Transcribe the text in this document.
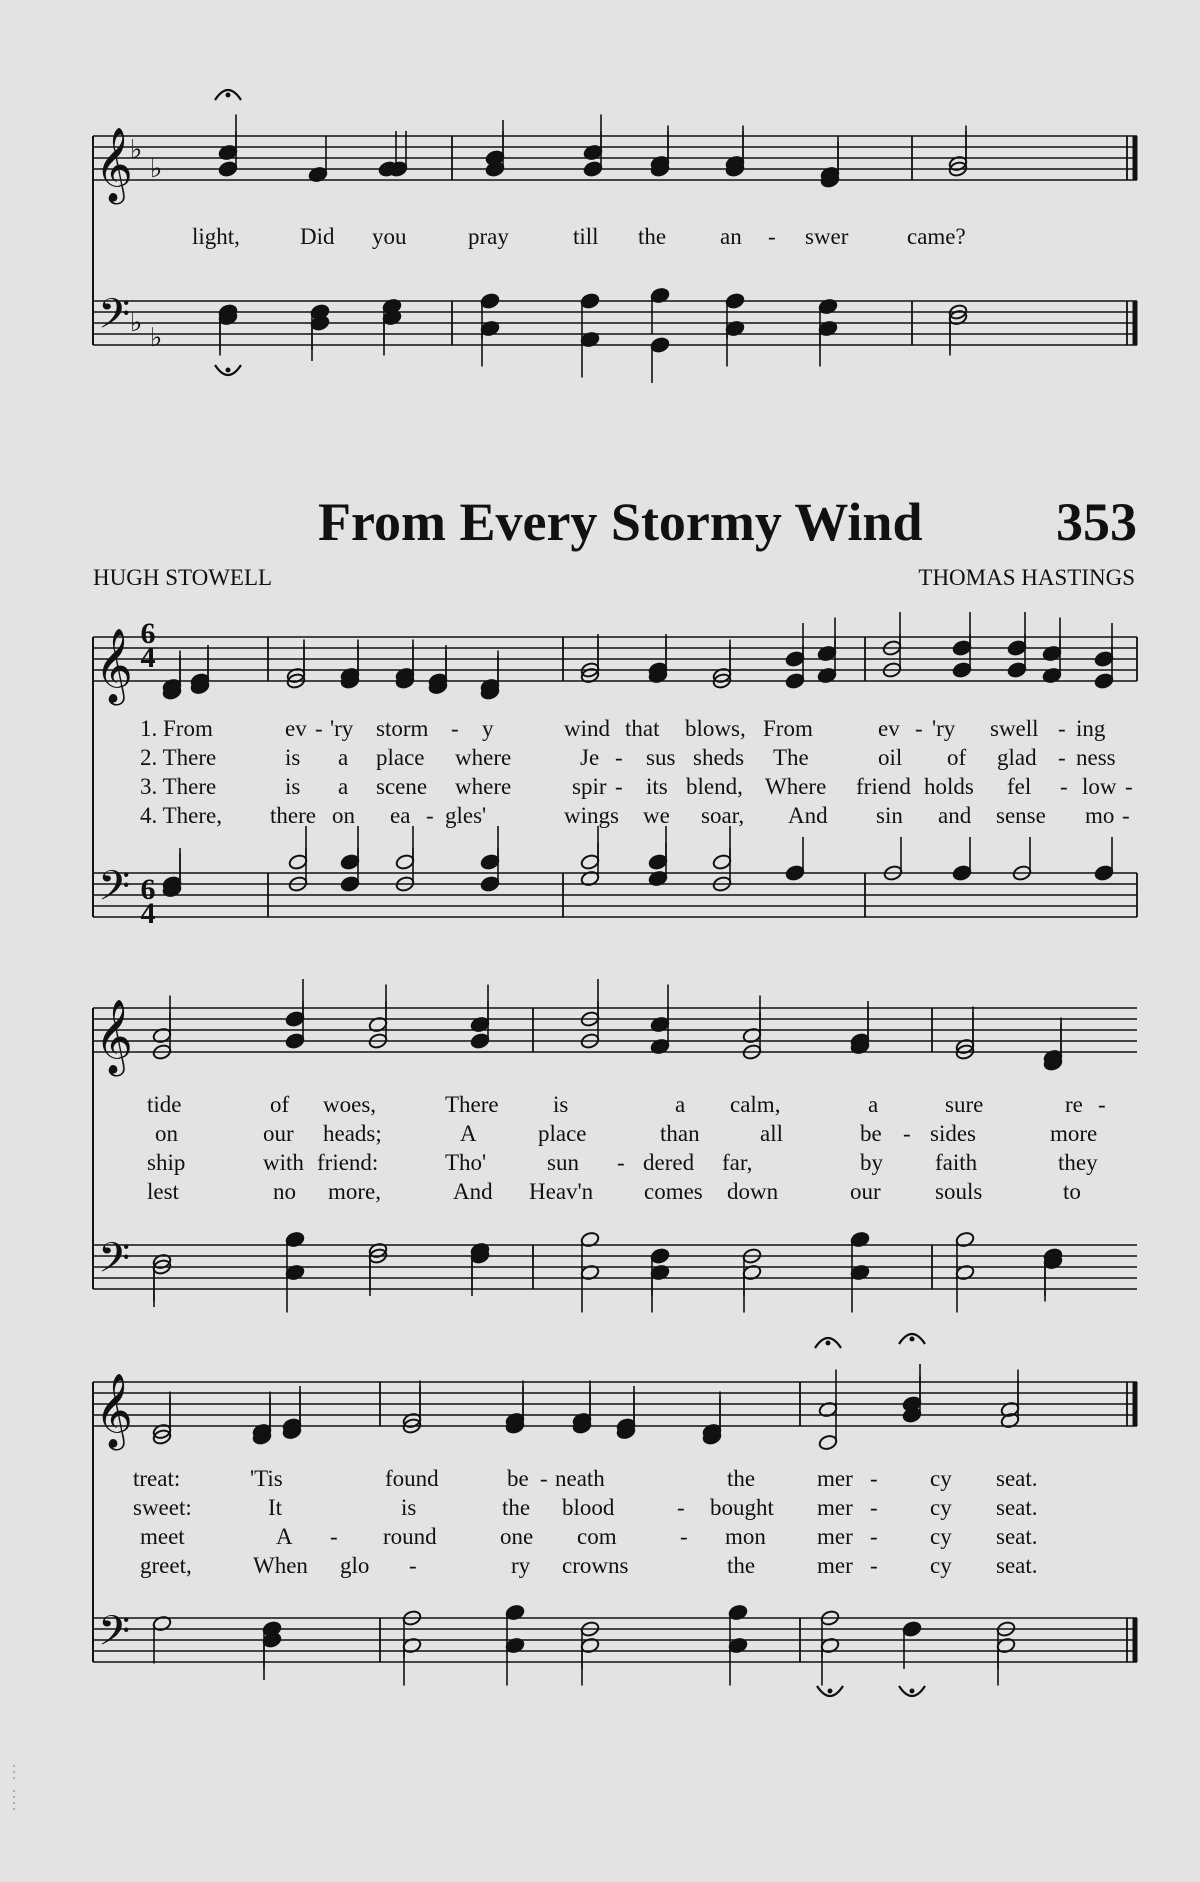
𝄞
𝄢
♭
♭
♭ ♭
𝄞
𝄢
𝄞
𝄢
𝄞
𝄢
light,	Did you	pray	till the an - swer	came?
From Every Stormy Wind 353
HUGH STOWELL	THOMAS HASTINGS
6
4
6
4
1. From	ev - 'ry storm - y	wind that blows, From	ev - 'ry swell - ing
2. There	is a place where	Je - sus sheds The	oil of glad - ness
3. There	is a scene where	spir - its blend, Where friend holds fel - low -
4. There, there on ea - gles'	wings we soar, And sin and sense mo -
tide	of woes,	There is	a calm,	a	sure	re -
on	our heads;	A	place	than	all	be - sides	more
ship	with friend:	Tho'	sun - dered far,	by faith	they
lest	no more,	And Heav'n comes down	our souls	to
treat:	'Tis	found	be - neath	the	mer - cy seat.
sweet:	It	is	the blood	- bought mer - cy seat.
meet	A - round	one com	- mon mer - cy seat.
greet,	When glo -	ry crowns	the	mer - cy seat.
